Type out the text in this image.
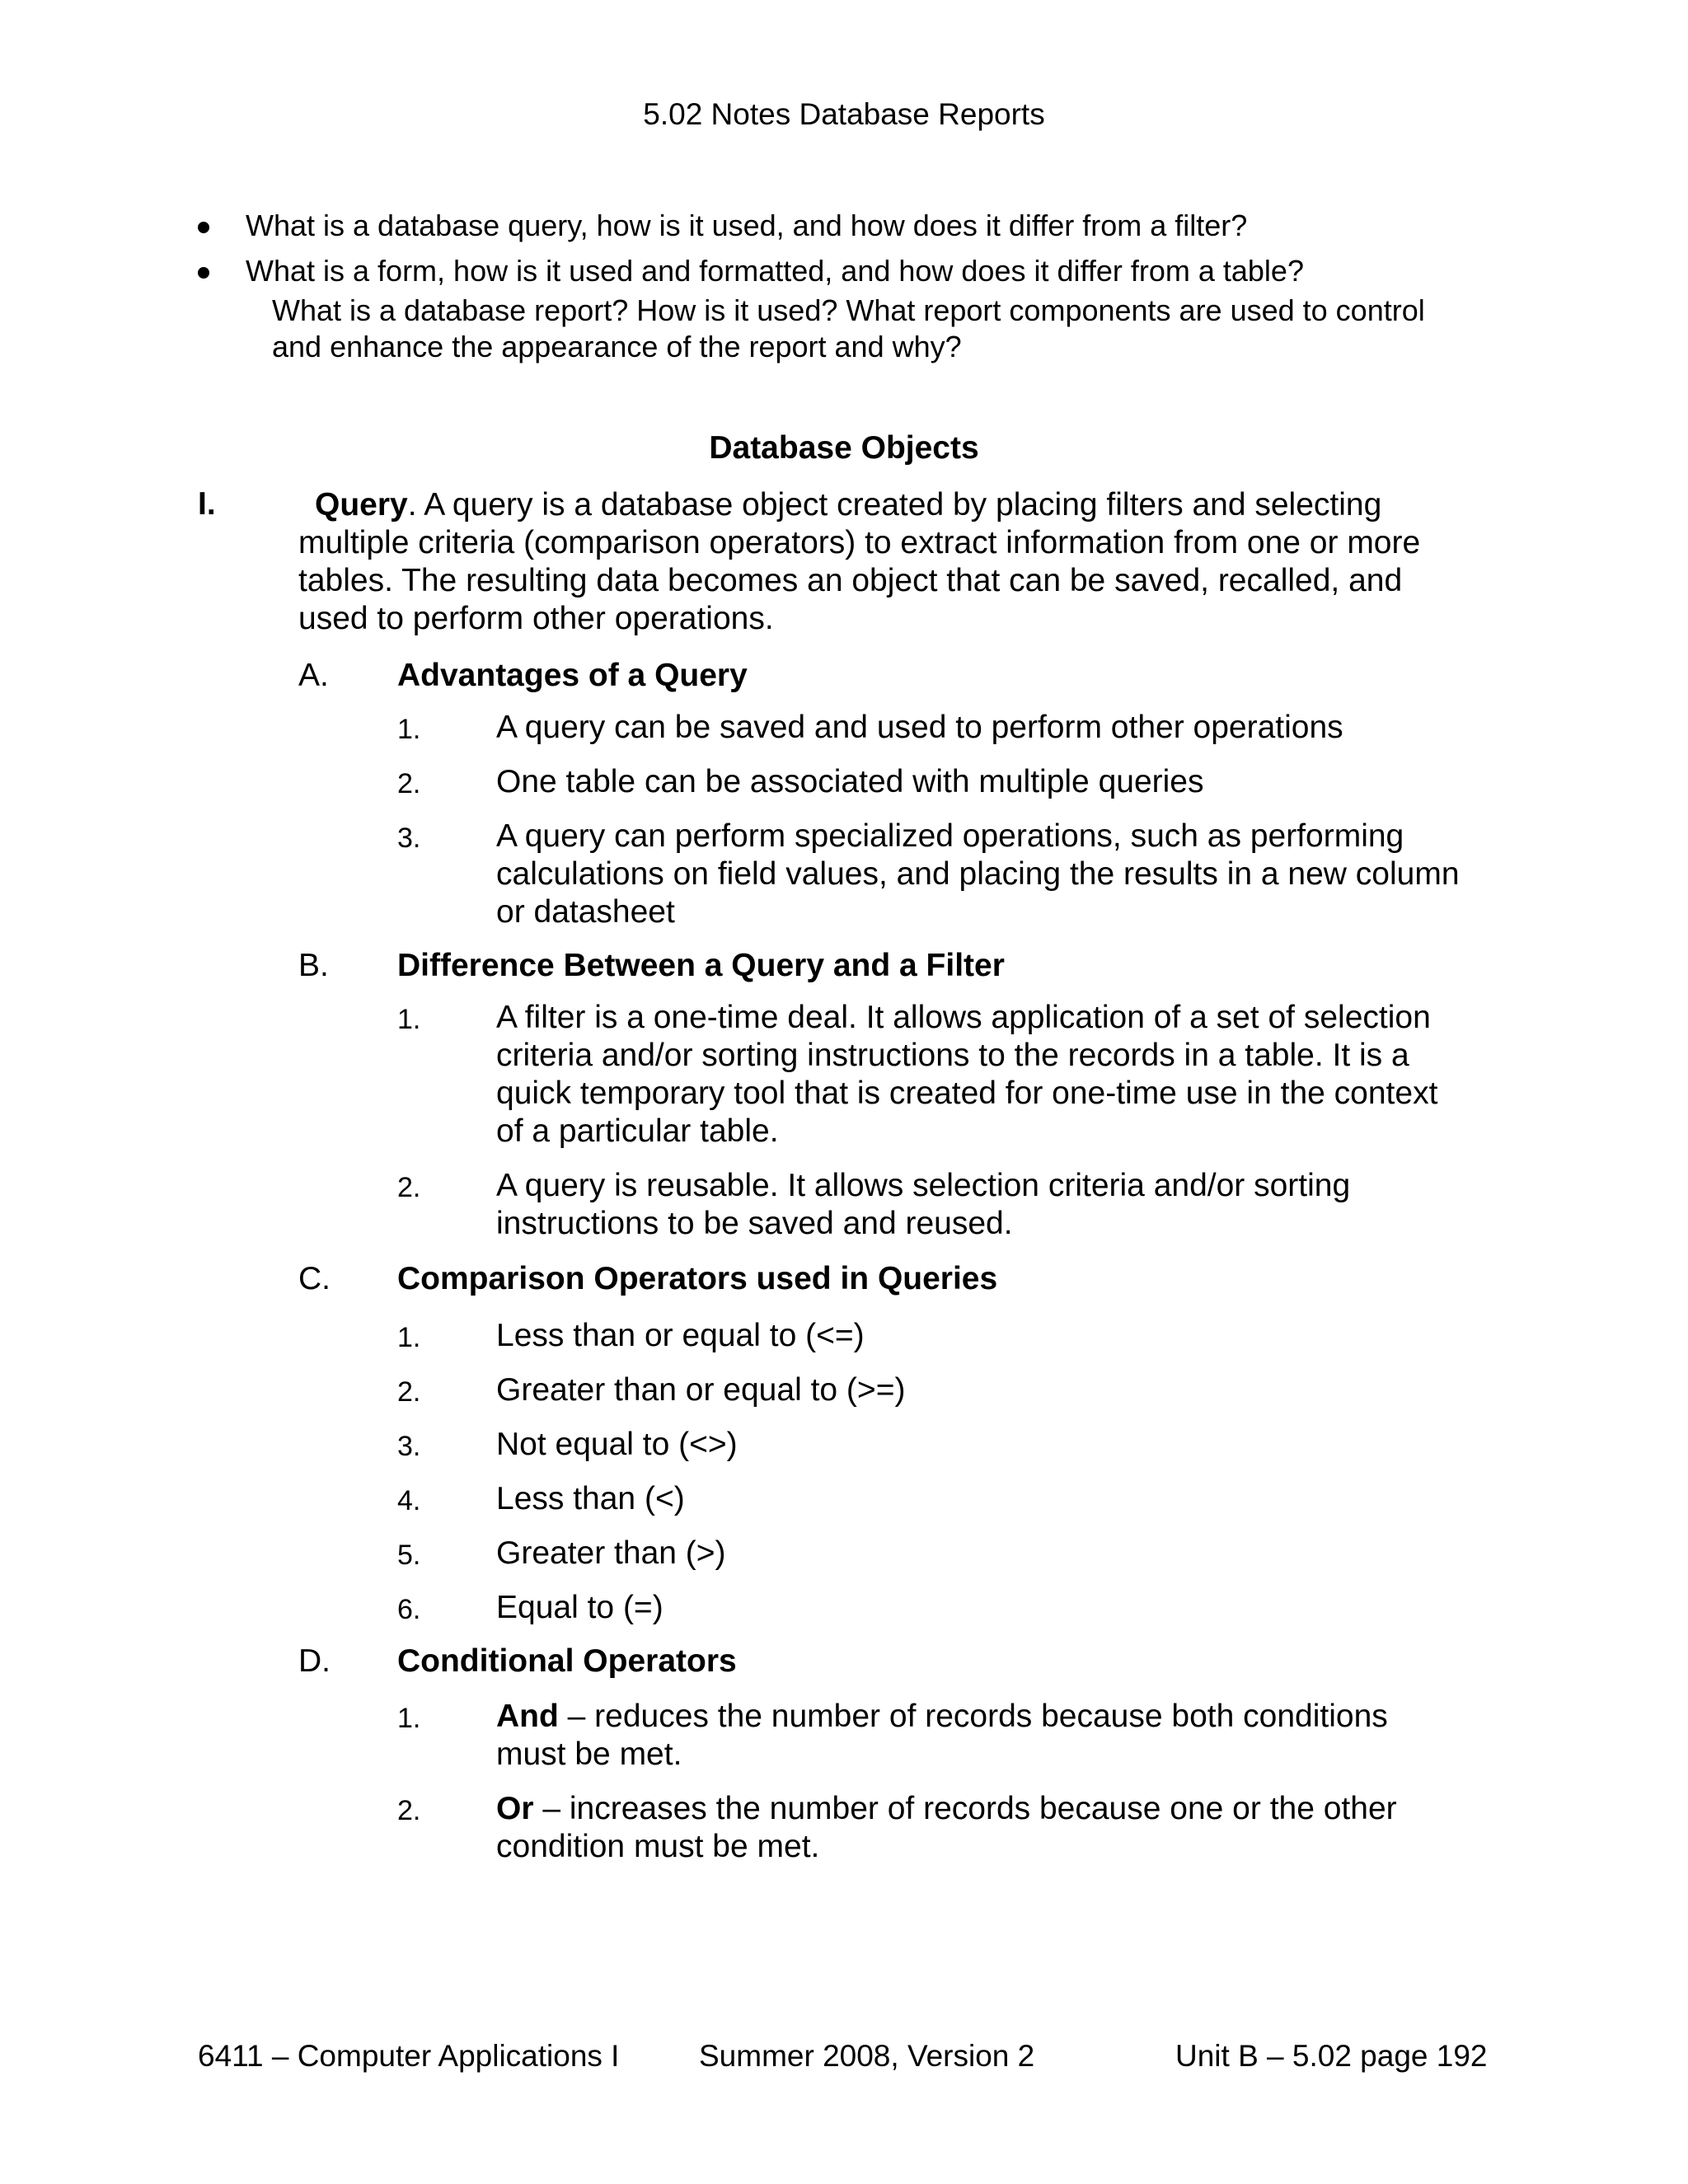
5.02 Notes Database Reports
What is a database query, how is it used, and how does it differ from a filter?
What is a form, how is it used and formatted, and how does it differ from a table?
What is a database report? How is it used? What report components are used to control
and enhance the appearance of the report and why?
Database Objects
I.	Query. A query is a database object created by placing filters and selecting
multiple criteria (comparison operators) to extract information from one or more
tables. The resulting data becomes an object that can be saved, recalled, and
used to perform other operations.
A. Advantages of a Query
1. A query can be saved and used to perform other operations
2. One table can be associated with multiple queries
3. A query can perform specialized operations, such as performing
calculations on field values, and placing the results in a new column
or datasheet
B. Difference Between a Query and a Filter
1. A filter is a one-time deal. It allows application of a set of selection
criteria and/or sorting instructions to the records in a table. It is a
quick temporary tool that is created for one-time use in the context
of a particular table.
2. A query is reusable. It allows selection criteria and/or sorting
instructions to be saved and reused.
C. Comparison Operators used in Queries
1. Less than or equal to (<=)
2. Greater than or equal to (>=)
3. Not equal to (<>)
4. Less than (<)
5. Greater than (>)
6. Equal to (=)
D. Conditional Operators
1. And – reduces the number of records because both conditions
must be met.
2. Or – increases the number of records because one or the other
condition must be met.
6411 – Computer Applications I	Summer 2008, Version 2	Unit B – 5.02 page 192
